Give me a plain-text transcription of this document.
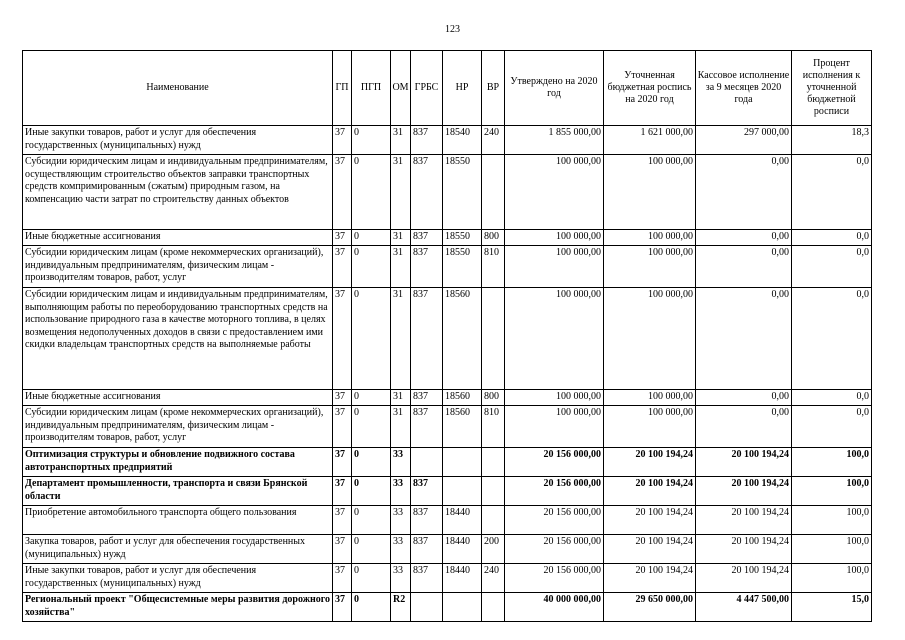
123
Наименование	ГП	ПГП	ОМ	ГРБС	НР	ВР	Утверждено на 2020 год	Уточненная бюджетная роспись на 2020 год	Кассовое исполнение за 9 месяцев 2020 года	Процент исполнения к уточненной бюджетной росписи
Иные закупки товаров, работ и услуг для обеспечения государственных (муниципальных) нужд	37	0	31	837	18540	240	1 855 000,00	1 621 000,00	297 000,00	18,3
Субсидии юридическим лицам и индивидуальным предпринимателям, осуществляющим строительство объектов заправки транспортных средств компримированным (сжатым) природным газом, на компенсацию части затрат по строительству данных объектов	37	0	31	837	18550		100 000,00	100 000,00	0,00	0,0
Иные бюджетные ассигнования	37	0	31	837	18550	800	100 000,00	100 000,00	0,00	0,0
Субсидии юридическим лицам (кроме некоммерческих организаций), индивидуальным предпринимателям, физическим лицам - производителям товаров, работ, услуг	37	0	31	837	18550	810	100 000,00	100 000,00	0,00	0,0
Субсидии юридическим лицам и индивидуальным предпринимателям, выполняющим работы по переоборудованию транспортных средств на использование природного газа в качестве моторного топлива, в целях возмещения недополученных доходов в связи с предоставлением ими скидки владельцам транспортных средств на выполняемые работы	37	0	31	837	18560		100 000,00	100 000,00	0,00	0,0
Иные бюджетные ассигнования	37	0	31	837	18560	800	100 000,00	100 000,00	0,00	0,0
Субсидии юридическим лицам (кроме некоммерческих организаций), индивидуальным предпринимателям, физическим лицам - производителям товаров, работ, услуг	37	0	31	837	18560	810	100 000,00	100 000,00	0,00	0,0
Оптимизация структуры и обновление подвижного состава автотранспортных предприятий	37	0	33				20 156 000,00	20 100 194,24	20 100 194,24	100,0
Департамент промышленности, транспорта и связи Брянской области	37	0	33	837			20 156 000,00	20 100 194,24	20 100 194,24	100,0
Приобретение автомобильного транспорта общего пользования	37	0	33	837	18440		20 156 000,00	20 100 194,24	20 100 194,24	100,0
Закупка товаров, работ и услуг для обеспечения государственных (муниципальных) нужд	37	0	33	837	18440	200	20 156 000,00	20 100 194,24	20 100 194,24	100,0
Иные закупки товаров, работ и услуг для обеспечения государственных (муниципальных) нужд	37	0	33	837	18440	240	20 156 000,00	20 100 194,24	20 100 194,24	100,0
Региональный проект "Общесистемные меры развития дорожного хозяйства"	37	0	R2				40 000 000,00	29 650 000,00	4 447 500,00	15,0
